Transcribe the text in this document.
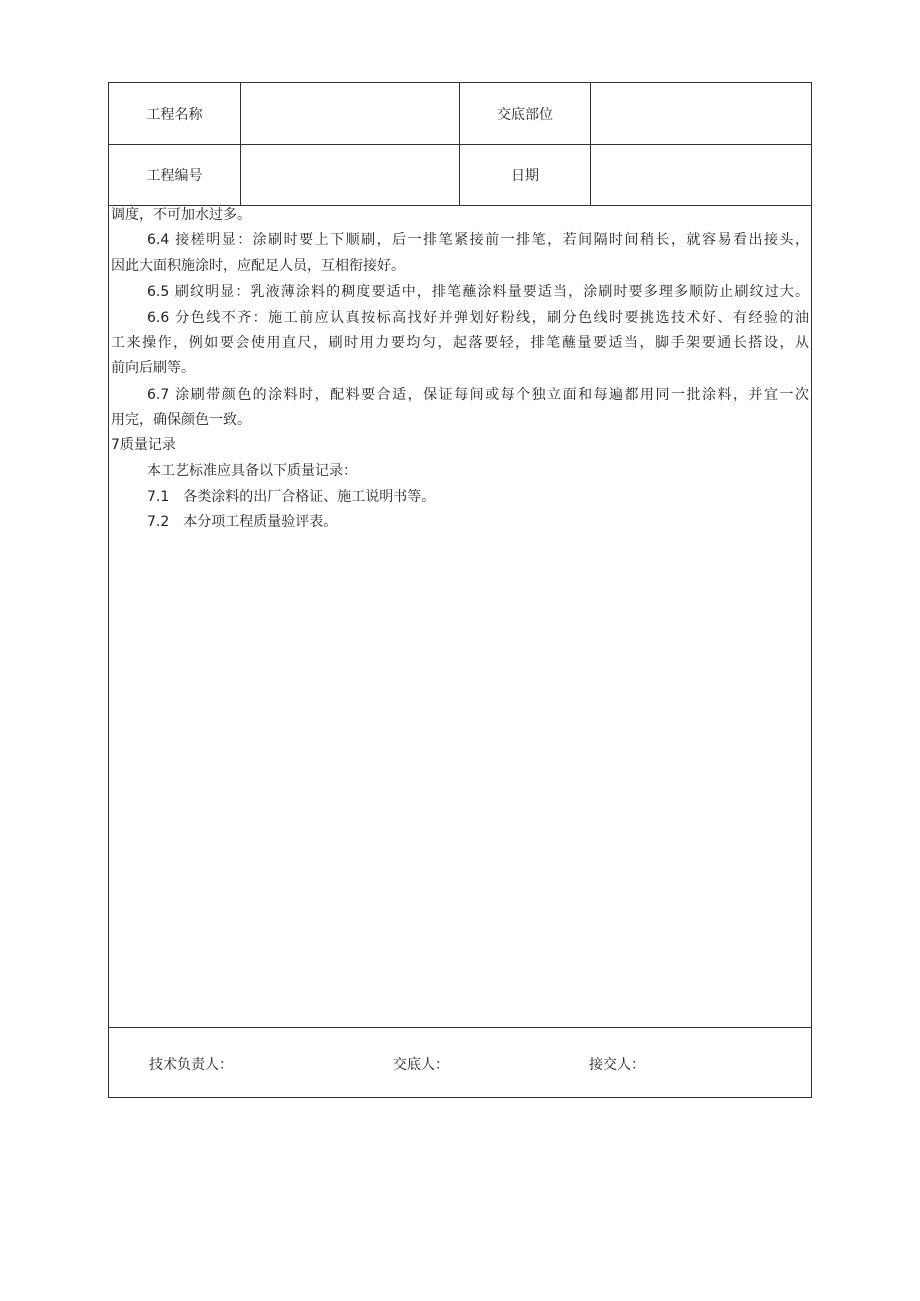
工程名称	交底部位
工程编号	日期
调度，不可加水过多。
6.4 接槎明显：涂刷时要上下顺刷，后一排笔紧接前一排笔，若间隔时间稍长，就容易看出接头，
因此大面积施涂时，应配足人员，互相衔接好。
6.5 刷纹明显：乳液薄涂料的稠度要适中，排笔蘸涂料量要适当，涂刷时要多理多顺防止刷纹过大。
6.6 分色线不齐：施工前应认真按标高找好并弹划好粉线，刷分色线时要挑选技术好、有经验的油
工来操作，例如要会使用直尺，刷时用力要均匀，起落要轻，排笔蘸量要适当，脚手架要通长搭设，从
前向后刷等。
6.7 涂刷带颜色的涂料时，配料要合适，保证每间或每个独立面和每遍都用同一批涂料，并宜一次
用完，确保颜色一致。
7质量记录
本工艺标准应具备以下质量记录：
7.1　各类涂料的出厂合格证、施工说明书等。
7.2　本分项工程质量验评表。
技术负责人：	交底人：	接交人：
